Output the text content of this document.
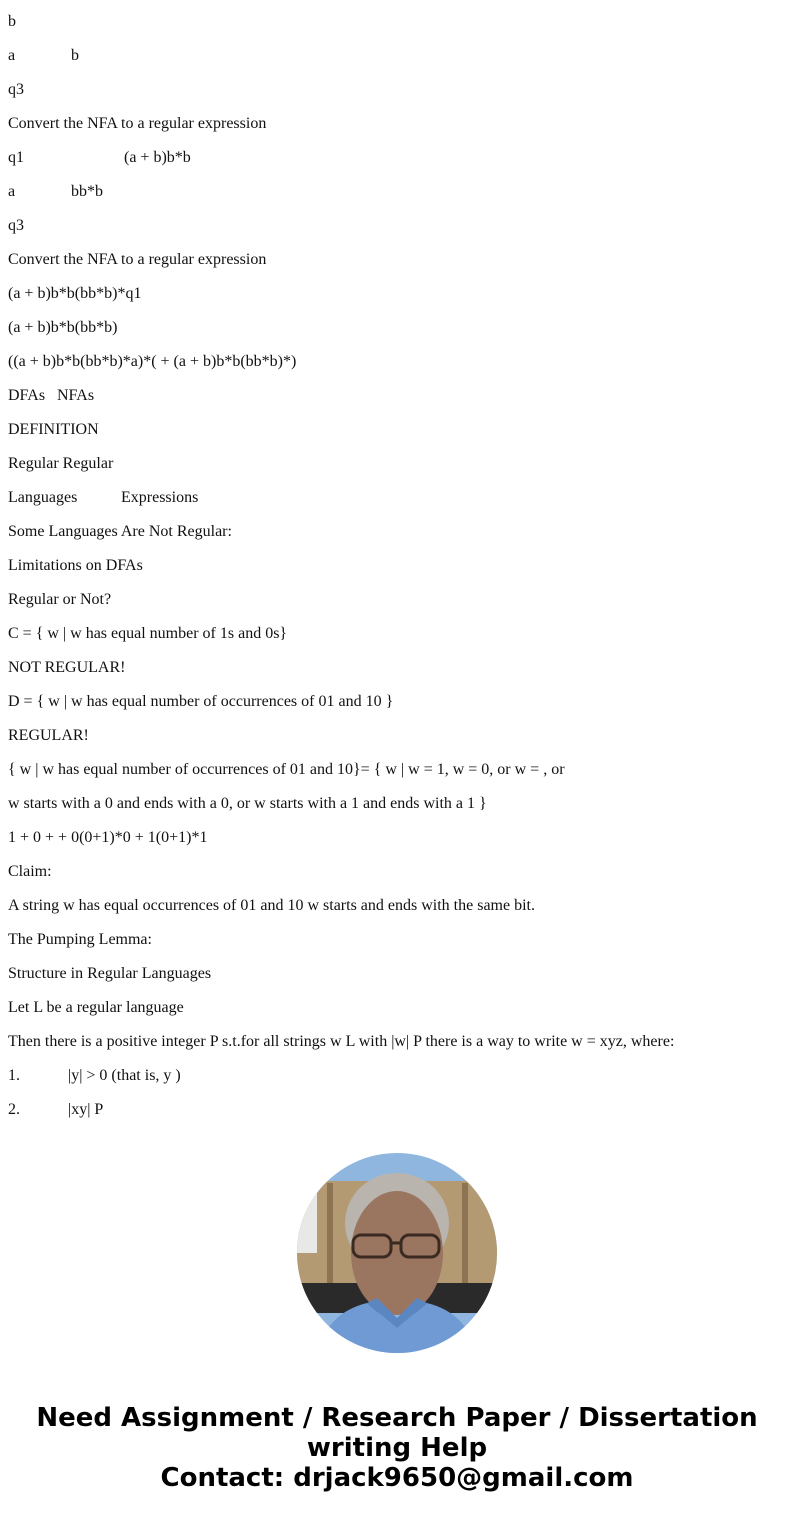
b

a	b

q3

Convert the NFA to a regular expression

q1	(a + b)b*b

a	bb*b

q3

Convert the NFA to a regular expression

(a + b)b*b(bb*b)*q1

(a + b)b*b(bb*b)

((a + b)b*b(bb*b)*a)*( + (a + b)b*b(bb*b)*)

DFAs NFAs

DEFINITION

Regular Regular

Languages	Expressions

Some Languages Are Not Regular:

Limitations on DFAs

Regular or Not?

C = { w | w has equal number of 1s and 0s}

NOT REGULAR!

D = { w | w has equal number of occurrences of 01 and 10 }

REGULAR!

{ w | w has equal number of occurrences of 01 and 10}= { w | w = 1, w = 0, or w = , or

w starts with a 0 and ends with a 0, or w starts with a 1 and ends with a 1 }

1 + 0 + + 0(0+1)*0 + 1(0+1)*1

Claim:

A string w has equal occurrences of 01 and 10 w starts and ends with the same bit.

The Pumping Lemma:

Structure in Regular Languages

Let L be a regular language

Then there is a positive integer P s.t.for all strings w L with |w| P there is a way to write w = xyz, where:

1.	|y| > 0 (that is, y )

2.	|xy| P

Need Assignment / Research Paper / Dissertation
writing Help
Contact: drjack9650@gmail.com
